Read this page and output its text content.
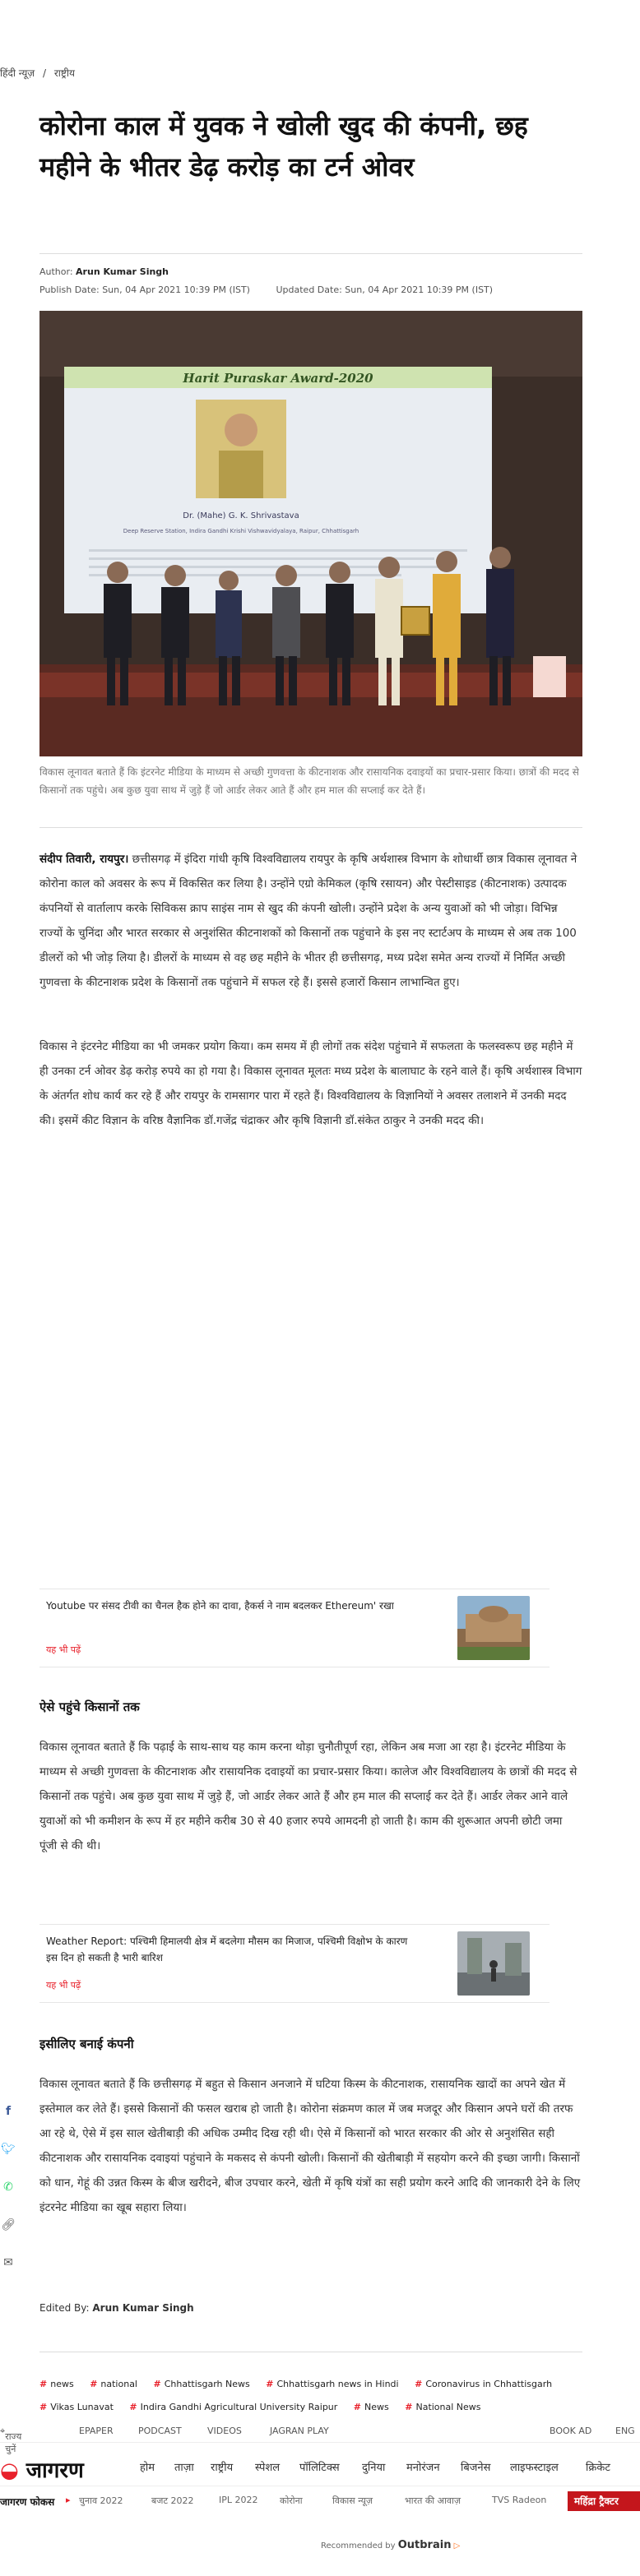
हिंदी न्यूज़ / राष्ट्रीय
कोरोना काल में युवक ने खोली खुद की कंपनी, छह महीने के भीतर डेढ़ करोड़ का टर्न ओवर
Author: Arun Kumar Singh
Publish Date: Sun, 04 Apr 2021 10:39 PM (IST)	Updated Date: Sun, 04 Apr 2021 10:39 PM (IST)
Harit Puraskar Award-2020
Dr. (Mahe) G. K. Shrivastava
Deep Reserve Station, Indira Gandhi Krishi Vishwavidyalaya, Raipur, Chhattisgarh

विकास लूनावत बताते हैं कि इंटरनेट मीडिया के माध्यम से अच्छी गुणवत्ता के कीटनाशक और रासायनिक दवाइयों का प्रचार-प्रसार किया। छात्रों की मदद से किसानों तक पहुंचे। अब कुछ युवा साथ में जुड़े हैं जो आर्डर लेकर आते हैं और हम माल की सप्लाई कर देते हैं।

संदीप तिवारी, रायपुर। छत्तीसगढ़ में इंदिरा गांधी कृषि विश्वविद्यालय रायपुर के कृषि अर्थशास्त्र विभाग के शोधार्थी छात्र विकास लूनावत ने कोरोना काल को अवसर के रूप में विकसित कर लिया है। उन्होंने एग्रो केमिकल (कृषि रसायन) और पेस्टीसाइड (कीटनाशक) उत्पादक कंपनियों से वार्तालाप करके सिविकस क्राप साइंस नाम से खुद की कंपनी खोली। उन्होंने प्रदेश के अन्य युवाओं को भी जोड़ा। विभिन्न राज्यों के चुनिंदा और भारत सरकार से अनुशंसित कीटनाशकों को किसानों तक पहुंचाने के इस नए स्टार्टअप के माध्यम से अब तक 100 डीलरों को भी जोड़ लिया है। डीलरों के माध्यम से वह छह महीने के भीतर ही छत्तीसगढ़, मध्य प्रदेश समेत अन्य राज्यों में निर्मित अच्छी गुणवत्ता के कीटनाशक प्रदेश के किसानों तक पहुंचाने में सफल रहे हैं। इससे हजारों किसान लाभान्वित हुए।

विकास ने इंटरनेट मीडिया का भी जमकर प्रयोग किया। कम समय में ही लोगों तक संदेश पहुंचाने में सफलता के फलस्वरूप छह महीने में ही उनका टर्न ओवर डेढ़ करोड़ रुपये का हो गया है। विकास लूनावत मूलतः मध्य प्रदेश के बालाघाट के रहने वाले हैं। कृषि अर्थशास्त्र विभाग के अंतर्गत शोध कार्य कर रहे हैं और रायपुर के रामसागर पारा में रहते हैं। विश्वविद्यालय के विज्ञानियों ने अवसर तलाशने में उनकी मदद की। इसमें कीट विज्ञान के वरिष्ठ वैज्ञानिक डॉ.गजेंद्र चंद्राकर और कृषि विज्ञानी डॉ.संकेत ठाकुर ने उनकी मदद की।

Youtube पर संसद टीवी का चैनल हैक होने का दावा, हैकर्स ने नाम बदलकर Ethereum' रखा
यह भी पढ़ें
ऐसे पहुंचे किसानों तक

विकास लूनावत बताते हैं कि पढ़ाई के साथ-साथ यह काम करना थोड़ा चुनौतीपूर्ण रहा, लेकिन अब मजा आ रहा है। इंटरनेट मीडिया के माध्यम से अच्छी गुणवत्ता के कीटनाशक और रासायनिक दवाइयों का प्रचार-प्रसार किया। कालेज और विश्वविद्यालय के छात्रों की मदद से किसानों तक पहुंचे। अब कुछ युवा साथ में जुड़े हैं, जो आर्डर लेकर आते हैं और हम माल की सप्लाई कर देते हैं। आर्डर लेकर आने वाले युवाओं को भी कमीशन के रूप में हर महीने करीब 30 से 40 हजार रुपये आमदनी हो जाती है। काम की शुरूआत अपनी छोटी जमा पूंजी से की थी।

Weather Report: पश्चिमी हिमालयी क्षेत्र में बदलेगा मौसम का मिजाज, पश्चिमी विक्षोभ के कारण इस दिन हो सकती है भारी बारिश
यह भी पढ़ें
इसीलिए बनाई कंपनी

विकास लूनावत बताते हैं कि छत्तीसगढ़ में बहुत से किसान अनजाने में घटिया किस्म के कीटनाशक, रासायनिक खादों का अपने खेत में इस्तेमाल कर लेते हैं। इससे किसानों की फसल खराब हो जाती है। कोरोना संक्रमण काल में जब मजदूर और किसान अपने घरों की तरफ आ रहे थे, ऐसे में इस साल खेतीबाड़ी की अधिक उम्मीद दिख रही थी। ऐसे में किसानों को भारत सरकार की ओर से अनुशंसित सही कीटनाशक और रासायनिक दवाइयां पहुंचाने के मकसद से कंपनी खोली। किसानों की खेतीबाड़ी में सहयोग करने की इच्छा जागी। किसानों को धान, गेहूं की उन्नत किस्म के बीज खरीदने, बीज उपचार करने, खेती में कृषि यंत्रों का सही प्रयोग करने आदि की जानकारी देने के लिए इंटरनेट मीडिया का खूब सहारा लिया।

Edited By: Arun Kumar Singh
f
🐦︎
✆
🔗︎
✉
# news # national # Chhattisgarh News # Chhattisgarh news in Hindi # Coronavirus in Chhattisgarh # Vikas Lunavat # Indira Gandhi Agricultural University Raipur # News # National News
⌖
राज्य चुनें
EPAPER	PODCAST	VIDEOS	JAGRAN PLAY	BOOK AD	ENG
◒ जागरण	होम ताज़ा राष्ट्रीय स्पेशल पॉलिटिक्स दुनिया मनोरंजन बिजनेस लाइफस्टाइल	क्रिकेट
जागरण फोकस ▸ चुनाव 2022	बजट 2022	IPL 2022 कोरोना	विकास न्यूज़	भारत की आवाज़	TVS Radeon	महिंद्रा ट्रैक्टर
Recommended by Outbrain ▷
